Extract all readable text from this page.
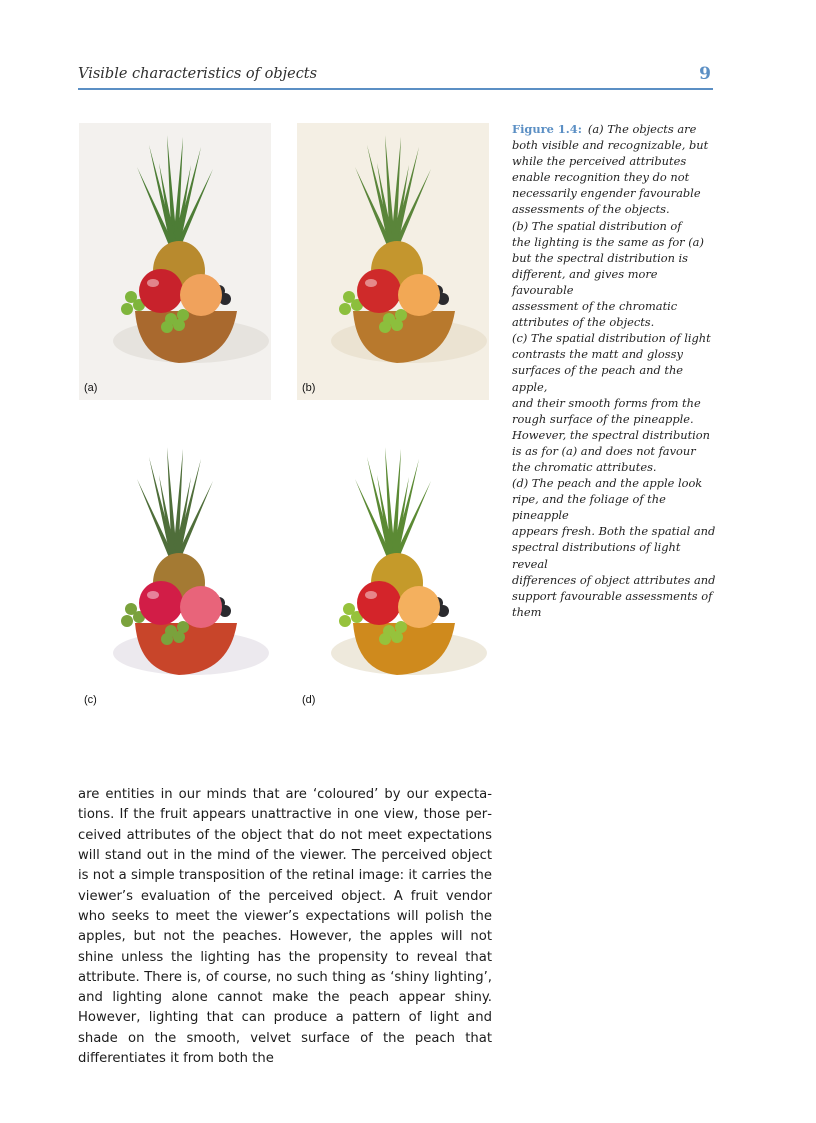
Visible characteristics of objects	9
(a)	(b)
(c)	(d)
Figure 1.4: (a) The objects are
both visible and recognizable, but
while the perceived attributes
enable recognition they do not
necessarily engender favourable
assessments of the objects.
(b) The spatial distribution of
the lighting is the same as for (a)
but the spectral distribution is
different, and gives more favourable
assessment of the chromatic
attributes of the objects.
(c) The spatial distribution of light
contrasts the matt and glossy
surfaces of the peach and the apple,
and their smooth forms from the
rough surface of the pineapple.
However, the spectral distribution
is as for (a) and does not favour
the chromatic attributes.
(d) The peach and the apple look
ripe, and the foliage of the pineapple
appears fresh. Both the spatial and
spectral distributions of light reveal
differences of object attributes and
support favourable assessments of
them

are entities in our minds that are ‘coloured’ by our expectations. If the fruit appears unattractive in one view, those perceived attributes of the object that do not meet expectations will stand out in the mind of the viewer. The perceived object is not a simple transposition of the retinal image: it carries the viewer’s evaluation of the perceived object. A fruit vendor who seeks to meet the viewer’s expectations will polish the apples, but not the peaches. However, the apples will not shine unless the lighting has the propensity to reveal that attribute. There is, of course, no such thing as ‘shiny lighting’, and lighting alone cannot make the peach appear shiny. However, lighting that can produce a pattern of light and shade on the smooth, velvet surface of the peach that differentiates it from both the
